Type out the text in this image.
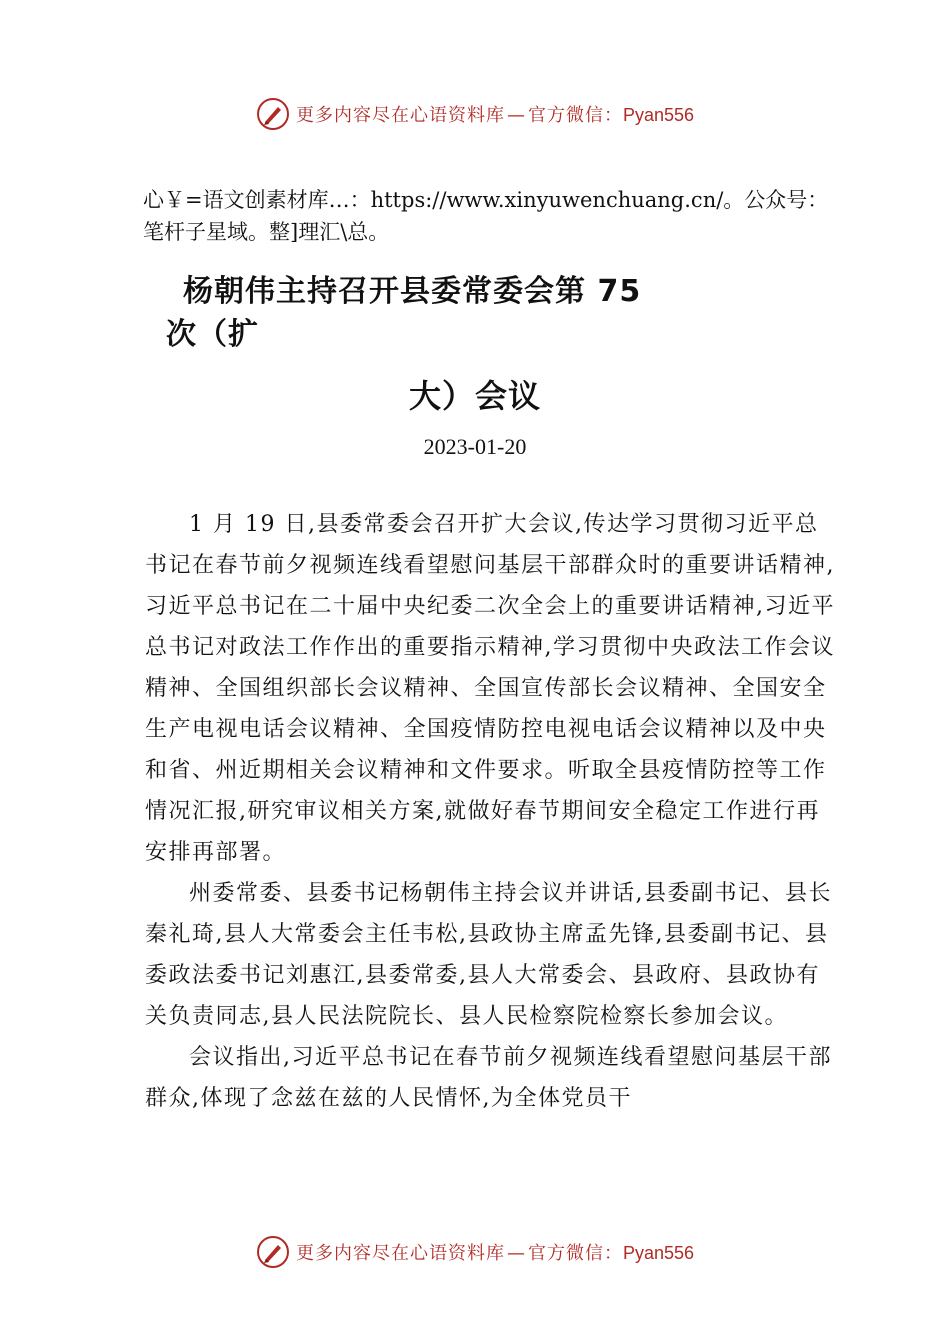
更多内容尽在心语资料库 — 官方微信：Pyan556
心￥=语文创素材库…：https://www.xinyuwenchuang.cn/。公众号：笔杆子星域。整]理汇\总。
杨朝伟主持召开县委常委会第 75
次（扩
大）会议
2023-01-20

1 月 19 日,县委常委会召开扩大会议,传达学习贯彻习近平总书记在春节前夕视频连线看望慰问基层干部群众时的重要讲话精神,习近平总书记在二十届中央纪委二次全会上的重要讲话精神,习近平总书记对政法工作作出的重要指示精神,学习贯彻中央政法工作会议精神、全国组织部长会议精神、全国宣传部长会议精神、全国安全生产电视电话会议精神、全国疫情防控电视电话会议精神以及中央和省、州近期相关会议精神和文件要求。听取全县疫情防控等工作情况汇报,研究审议相关方案,就做好春节期间安全稳定工作进行再安排再部署。

州委常委、县委书记杨朝伟主持会议并讲话,县委副书记、县长秦礼琦,县人大常委会主任韦松,县政协主席孟先锋,县委副书记、县委政法委书记刘惠江,县委常委,县人大常委会、县政府、县政协有关负责同志,县人民法院院长、县人民检察院检察长参加会议。

会议指出,习近平总书记在春节前夕视频连线看望慰问基层干部群众,体现了念兹在兹的人民情怀,为全体党员干

更多内容尽在心语资料库 — 官方微信：Pyan556
